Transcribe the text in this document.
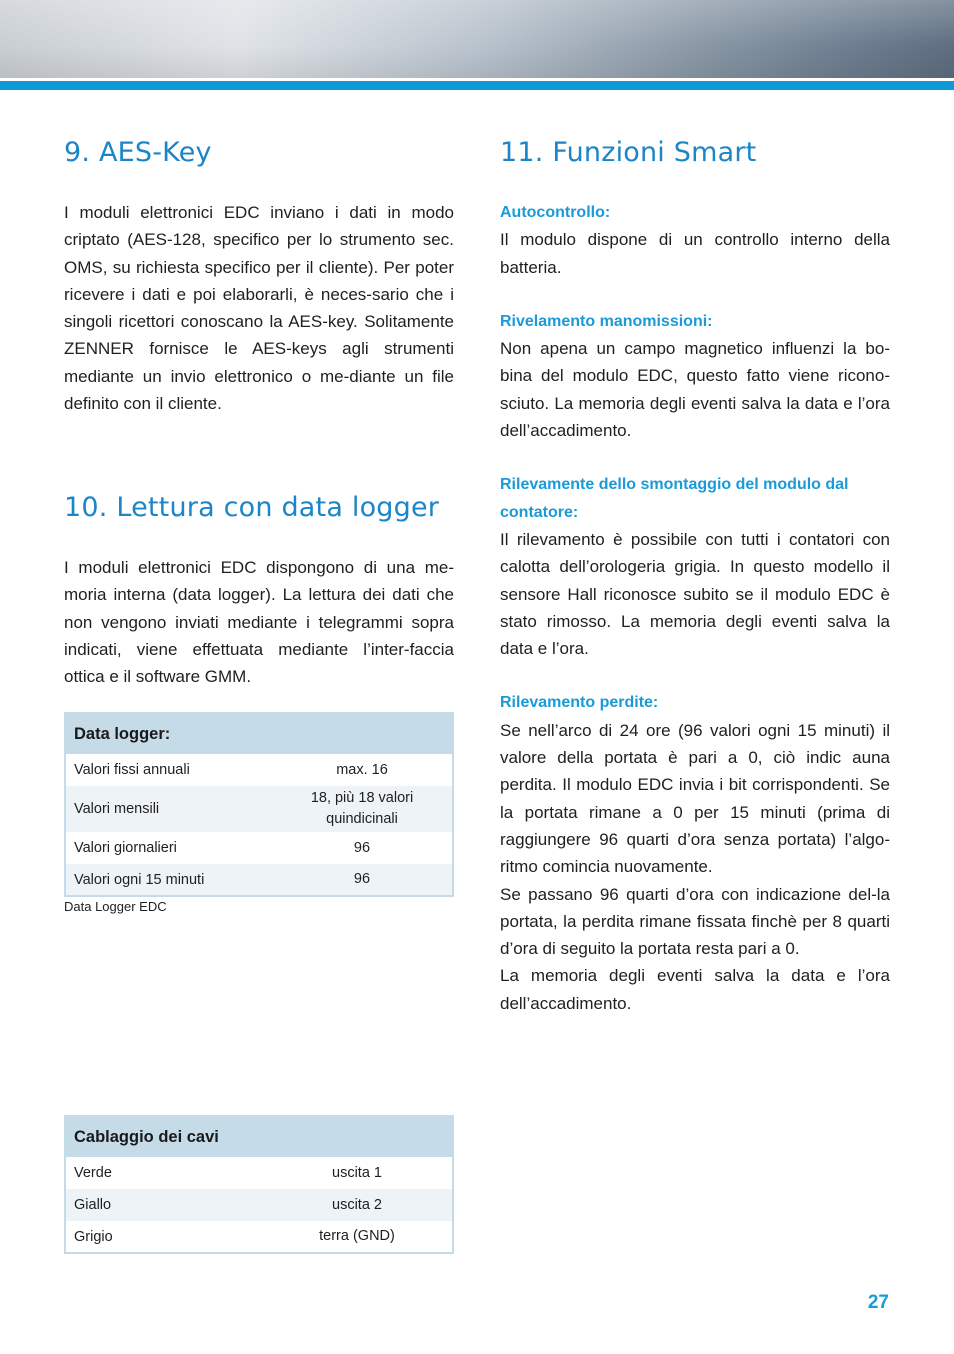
9. AES-Key

I moduli elettronici EDC inviano i dati in modo criptato (AES-128, specifico per lo strumento sec. OMS, su richiesta specifico per il cliente). Per poter ricevere i dati e poi elaborarli, è neces-sario che i singoli ricettori conoscano la AES-key. Solitamente ZENNER fornisce le AES-keys agli strumenti mediante un invio elettronico o me-diante un file definito con il cliente.

10. Lettura con data logger

I moduli elettronici EDC dispongono di una me-moria interna (data logger). La lettura dei dati che non vengono inviati mediante i telegrammi sopra indicati, viene effettuata mediante l’inter-faccia ottica e il software GMM.

Data logger:	
Valori fissi annuali	max. 16
Valori mensili	18, più 18 valori quindicinali
Valori giornalieri	96
Valori ogni 15 minuti	96
Data Logger EDC
Cablaggio dei cavi	
Verde	uscita 1
Giallo	uscita 2
Grigio	terra (GND)
11. Funzioni Smart

Autocontrollo:

Il modulo dispone di un controllo interno della batteria.

Rivelamento manomissioni:

Non apena un campo magnetico influenzi la bo-bina del modulo EDC, questo fatto viene ricono-sciuto. La memoria degli eventi salva la data e l’ora dell’accadimento.

Rilevamente dello smontaggio del modulo dal contatore:

Il rilevamento è possibile con tutti i contatori con calotta dell’orologeria grigia. In questo modello il sensore Hall riconosce subito se il modulo EDC è stato rimosso. La memoria degli eventi salva la data e l’ora.

Rilevamento perdite:

Se nell’arco di 24 ore (96 valori ogni 15 minuti) il valore della portata è pari a 0, ciò indic auna perdita. Il modulo EDC invia i bit corrispondenti. Se la portata rimane a 0 per 15 minuti (prima di raggiungere 96 quarti d’ora senza portata) l’algo-ritmo comincia nuovamente.

Se passano 96 quarti d’ora con indicazione del-la portata, la perdita rimane fissata finchè per 8 quarti d’ora di seguito la portata resta pari a 0.

La memoria degli eventi salva la data e l’ora dell’accadimento.

27
